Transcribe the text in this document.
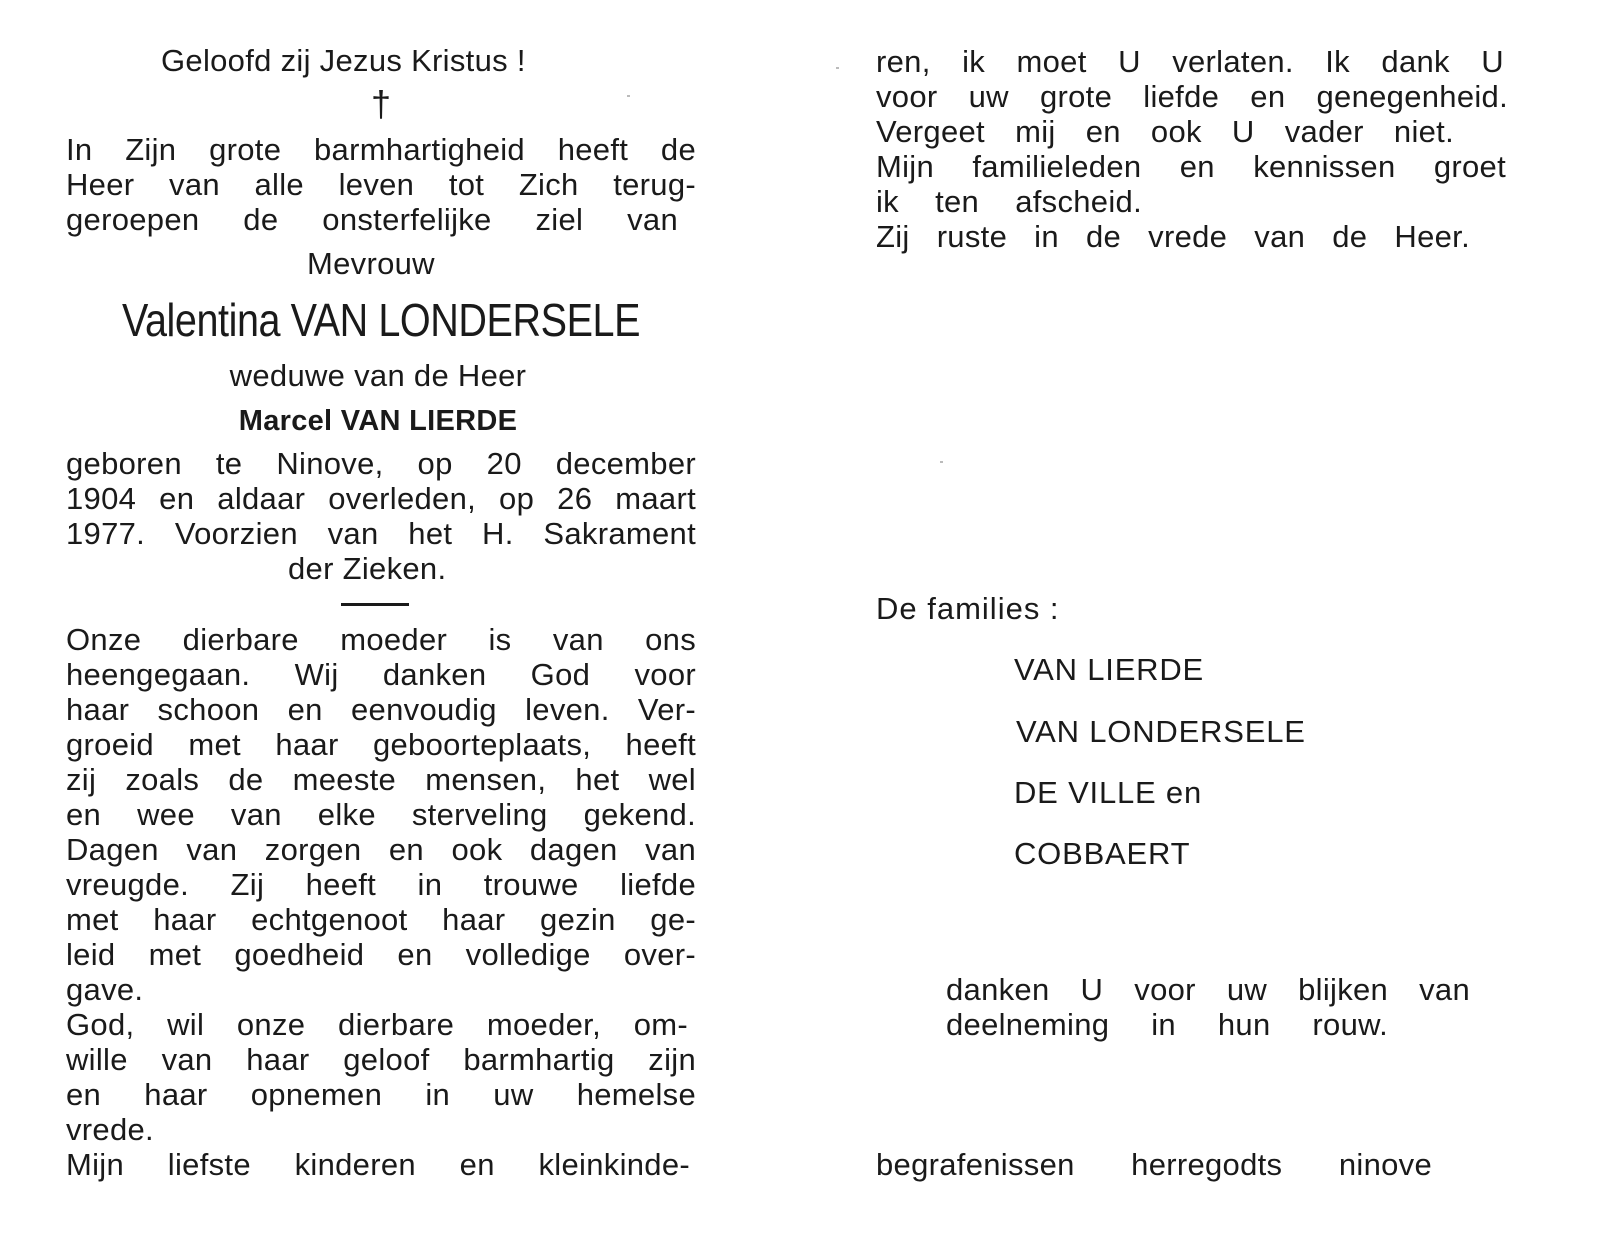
Geloofd zij Jezus Kristus !
†
In Zijn grote barmhartigheid heeft de
Heer van alle leven tot Zich terug-
geroepen de onsterfelijke ziel van
Mevrouw
Valentina VAN LONDERSELE
weduwe van de Heer
Marcel VAN LIERDE
geboren te Ninove, op 20 december
1904 en aldaar overleden, op 26 maart
1977. Voorzien van het H. Sakrament
der Zieken.
Onze dierbare moeder is van ons
heengegaan. Wij danken God voor
haar schoon en eenvoudig leven. Ver-
groeid met haar geboorteplaats, heeft
zij zoals de meeste mensen, het wel
en wee van elke sterveling gekend.
Dagen van zorgen en ook dagen van
vreugde. Zij heeft in trouwe liefde
met haar echtgenoot haar gezin ge-
leid met goedheid en volledige over-
gave.
God, wil onze dierbare moeder, om-
wille van haar geloof barmhartig zijn
en haar opnemen in uw hemelse
vrede.
Mijn liefste kinderen en kleinkinde-
ren, ik moet U verlaten. Ik dank U
voor uw grote liefde en genegenheid.
Vergeet mij en ook U vader niet.
Mijn familieleden en kennissen groet
ik ten afscheid.
Zij ruste in de vrede van de Heer.
De families :
VAN LIERDE
VAN LONDERSELE
DE VILLE en
COBBAERT
danken U voor uw blijken van
deelneming in hun rouw.
begrafenissen herregodts ninove
